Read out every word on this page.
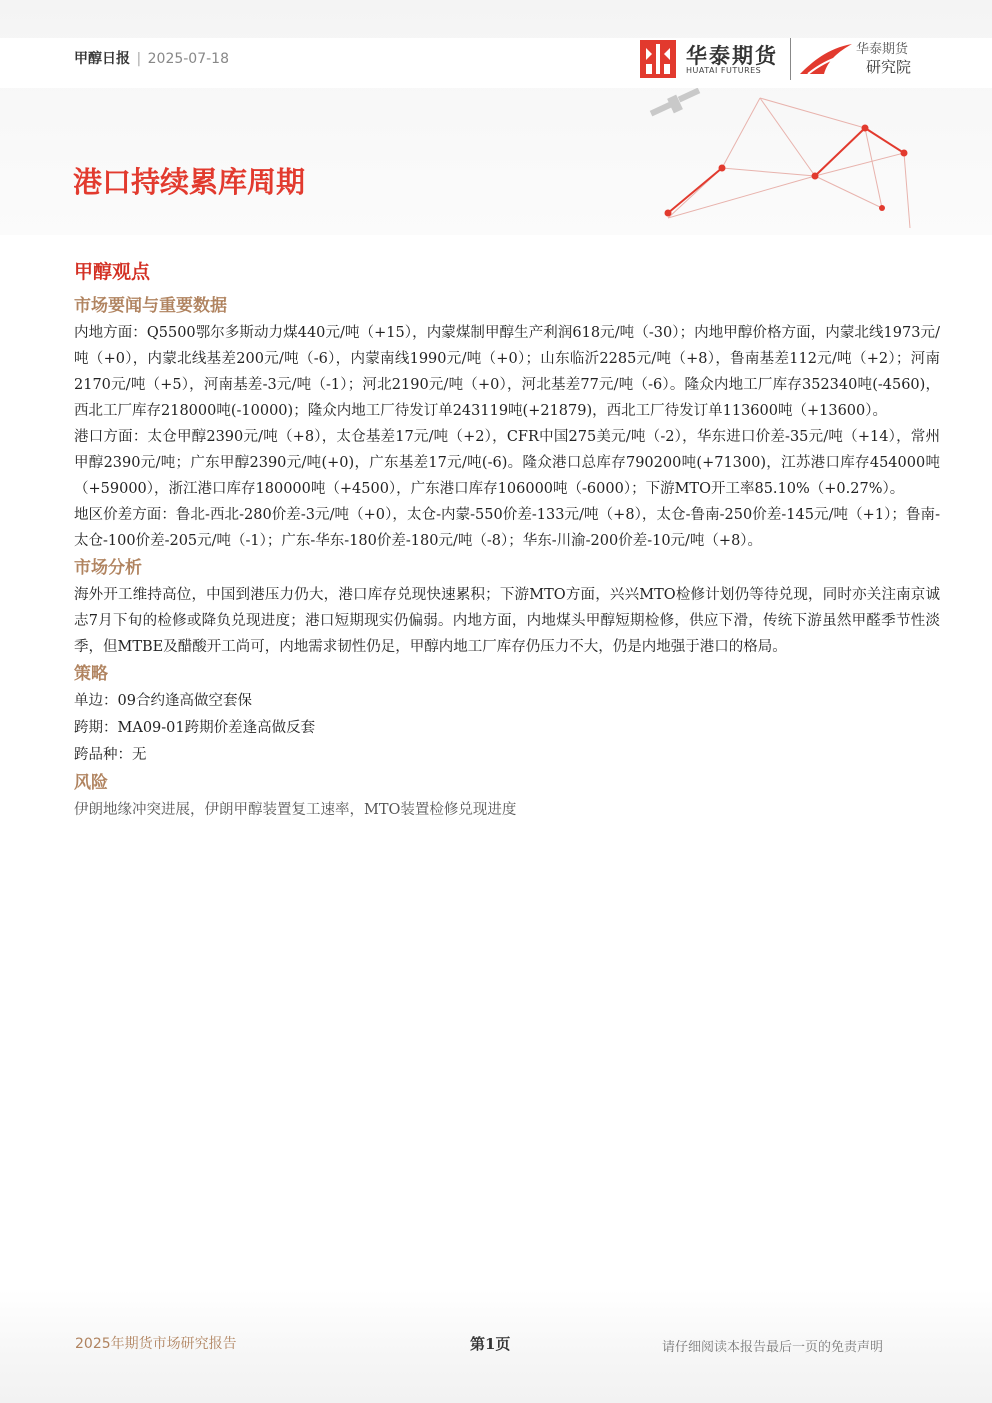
甲醇日报 | 2025-07-18	华泰期货
HUATAI FUTURES
华泰期货
研究院
港口持续累库周期
甲醇观点
市场要闻与重要数据

内地方面：Q5500鄂尔多斯动力煤440元/吨（+15），内蒙煤制甲醇生产利润618元/吨（-30）；内地甲醇价格方面，内蒙北线1973元/吨（+0），内蒙北线基差200元/吨（-6），内蒙南线1990元/吨（+0）；山东临沂2285元/吨（+8），鲁南基差112元/吨（+2）；河南2170元/吨（+5），河南基差-3元/吨（-1）；河北2190元/吨（+0），河北基差77元/吨（-6）。隆众内地工厂库存352340吨(-4560)，西北工厂库存218000吨(-10000)；隆众内地工厂待发订单243119吨(+21879)，西北工厂待发订单113600吨（+13600）。

港口方面：太仓甲醇2390元/吨（+8），太仓基差17元/吨（+2），CFR中国275美元/吨（-2），华东进口价差-35元/吨（+14），常州甲醇2390元/吨；广东甲醇2390元/吨(+0)，广东基差17元/吨(-6)。隆众港口总库存790200吨(+71300)，江苏港口库存454000吨（+59000），浙江港口库存180000吨（+4500），广东港口库存106000吨（-6000）；下游MTO开工率85.10%（+0.27%）。

地区价差方面：鲁北-西北-280价差-3元/吨（+0），太仓-内蒙-550价差-133元/吨（+8），太仓-鲁南-250价差-145元/吨（+1）；鲁南-太仓-100价差-205元/吨（-1）；广东-华东-180价差-180元/吨（-8）；华东-川渝-200价差-10元/吨（+8）。

市场分析

海外开工维持高位，中国到港压力仍大，港口库存兑现快速累积；下游MTO方面，兴兴MTO检修计划仍等待兑现，同时亦关注南京诚志7月下旬的检修或降负兑现进度；港口短期现实仍偏弱。内地方面，内地煤头甲醇短期检修，供应下滑，传统下游虽然甲醛季节性淡季，但MTBE及醋酸开工尚可，内地需求韧性仍足，甲醇内地工厂库存仍压力不大，仍是内地强于港口的格局。

策略

单边：09合约逢高做空套保

跨期：MA09-01跨期价差逢高做反套

跨品种：无

风险

伊朗地缘冲突进展，伊朗甲醇装置复工速率，MTO装置检修兑现进度

2025年期货市场研究报告	第1页	请仔细阅读本报告最后一页的免责声明
